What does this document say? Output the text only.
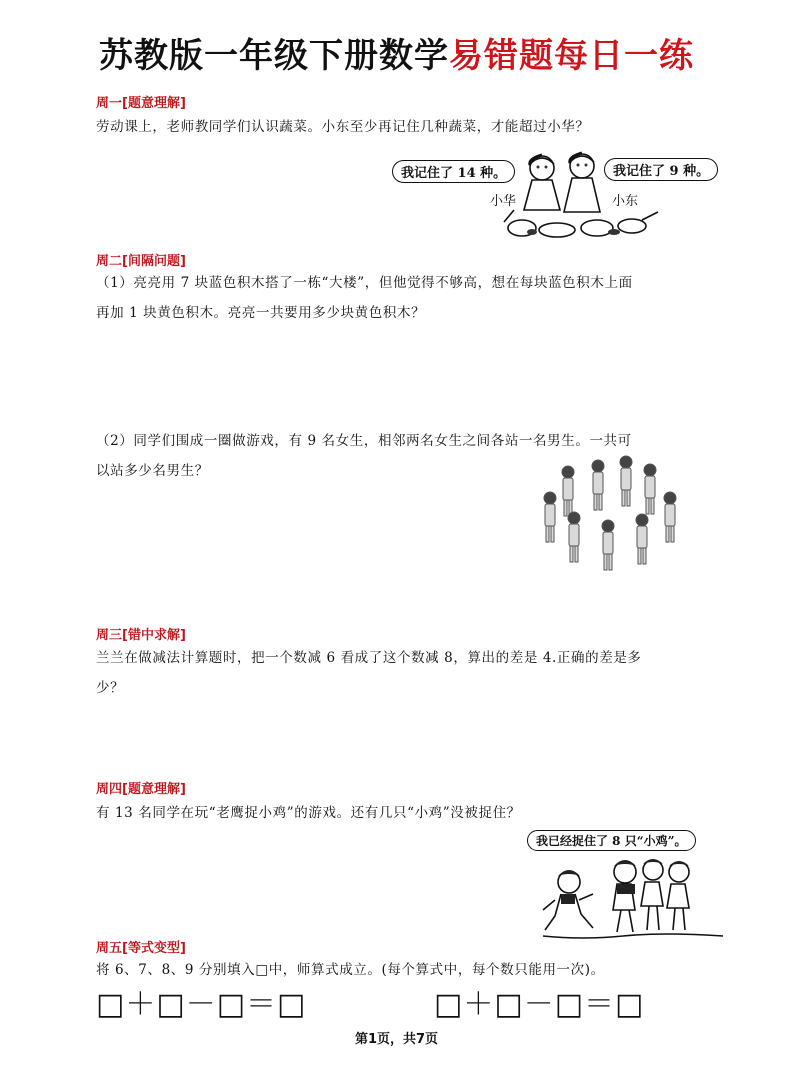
苏教版一年级下册数学易错题每日一练
周一[题意理解]
劳动课上，老师教同学们认识蔬菜。小东至少再记住几种蔬菜，才能超过小华？
我记住了 14 种。	我记住了 9 种。
小华	小东
周二[间隔问题]
（1）亮亮用 7 块蓝色积木搭了一栋“大楼”，但他觉得不够高，想在每块蓝色积木上面
再加 1 块黄色积木。亮亮一共要用多少块黄色积木？
（2）同学们围成一圈做游戏，有 9 名女生，相邻两名女生之间各站一名男生。一共可
以站多少名男生？
周三[错中求解]
兰兰在做减法计算题时，把一个数减 6 看成了这个数减 8，算出的差是 4.正确的差是多
少？
周四[题意理解]
有 13 名同学在玩“老鹰捉小鸡”的游戏。还有几只“小鸡”没被捉住？
我已经捉住了 8 只“小鸡”。
周五[等式变型]
将 6、7、8、9 分别填入□中，师算式成立。(每个算式中，每个数只能用一次)。
□＋□－□＝□	□＋□－□＝□
第1页，共7页
